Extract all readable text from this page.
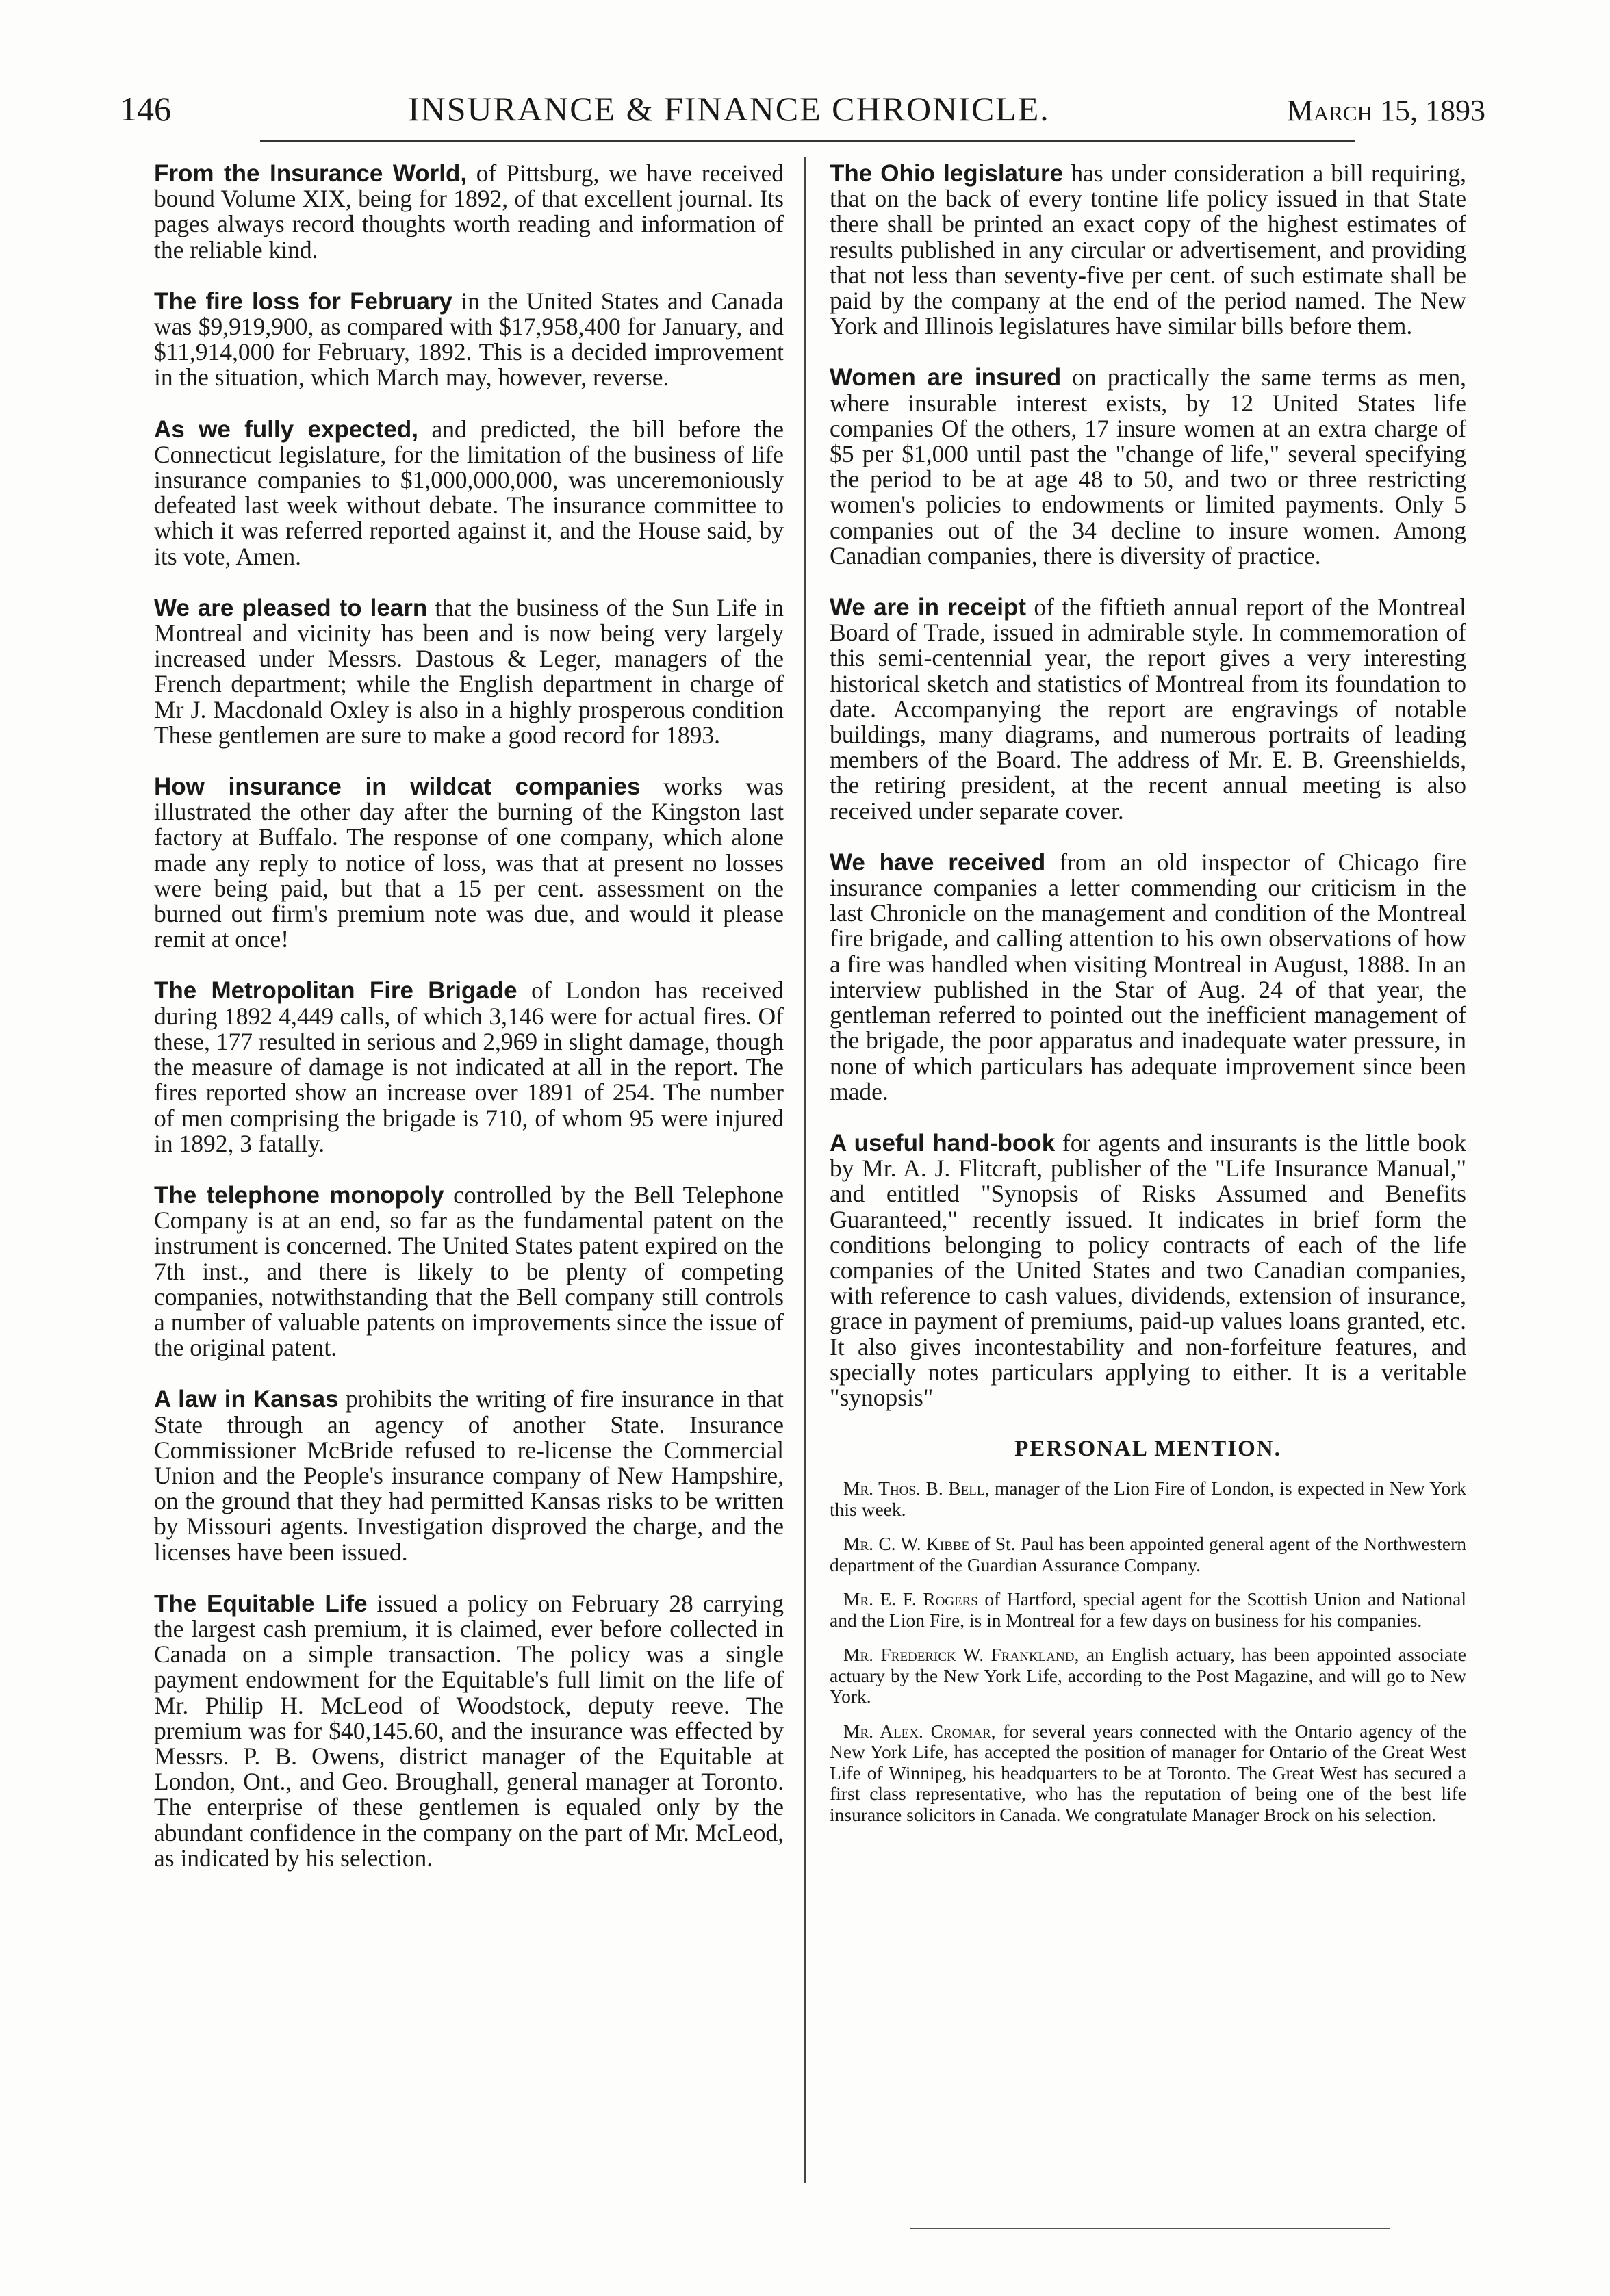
146	INSURANCE & FINANCE CHRONICLE.	March 15, 1893

From the Insurance World, of Pittsburg, we have received bound Volume XIX, being for 1892, of that excellent journal. Its pages always record thoughts worth reading and information of the reliable kind.

The fire loss for February in the United States and Canada was $9,919,900, as compared with $17,958,400 for January, and $11,914,000 for February, 1892. This is a decided improvement in the situation, which March may, however, reverse.

As we fully expected, and predicted, the bill before the Connecticut legislature, for the limitation of the business of life insurance companies to $1,000,000,000, was unceremoniously defeated last week without debate. The insurance committee to which it was referred reported against it, and the House said, by its vote, Amen.

We are pleased to learn that the business of the Sun Life in Montreal and vicinity has been and is now being very largely increased under Messrs. Dastous & Leger, managers of the French department; while the English department in charge of Mr J. Macdonald Oxley is also in a highly prosperous condition These gentlemen are sure to make a good record for 1893.

How insurance in wildcat companies works was illustrated the other day after the burning of the Kingston last factory at Buffalo. The response of one company, which alone made any reply to notice of loss, was that at present no losses were being paid, but that a 15 per cent. assessment on the burned out firm's premium note was due, and would it please remit at once!

The Metropolitan Fire Brigade of London has received during 1892 4,449 calls, of which 3,146 were for actual fires. Of these, 177 resulted in serious and 2,969 in slight damage, though the measure of damage is not indicated at all in the report. The fires reported show an increase over 1891 of 254. The number of men comprising the brigade is 710, of whom 95 were injured in 1892, 3 fatally.

The telephone monopoly controlled by the Bell Telephone Company is at an end, so far as the fundamental patent on the instrument is concerned. The United States patent expired on the 7th inst., and there is likely to be plenty of competing companies, notwithstanding that the Bell company still controls a number of valuable patents on improvements since the issue of the original patent.

A law in Kansas prohibits the writing of fire insurance in that State through an agency of another State. Insurance Commissioner McBride refused to re-license the Commercial Union and the People's insurance company of New Hampshire, on the ground that they had permitted Kansas risks to be written by Missouri agents. Investigation disproved the charge, and the licenses have been issued.

The Equitable Life issued a policy on February 28 carrying the largest cash premium, it is claimed, ever before collected in Canada on a simple transaction. The policy was a single payment endowment for the Equitable's full limit on the life of Mr. Philip H. McLeod of Woodstock, deputy reeve. The premium was for $40,145.60, and the insurance was effected by Messrs. P. B. Owens, district manager of the Equitable at London, Ont., and Geo. Broughall, general manager at Toronto. The enterprise of these gentlemen is equaled only by the abundant confidence in the company on the part of Mr. McLeod, as indicated by his selection.

The Ohio legislature has under consideration a bill requiring, that on the back of every tontine life policy issued in that State there shall be printed an exact copy of the highest estimates of results published in any circular or advertisement, and providing that not less than seventy-five per cent. of such estimate shall be paid by the company at the end of the period named. The New York and Illinois legislatures have similar bills before them.

Women are insured on practically the same terms as men, where insurable interest exists, by 12 United States life companies Of the others, 17 insure women at an extra charge of $5 per $1,000 until past the "change of life," several specifying the period to be at age 48 to 50, and two or three restricting women's policies to endowments or limited payments. Only 5 companies out of the 34 decline to insure women. Among Canadian companies, there is diversity of practice.

We are in receipt of the fiftieth annual report of the Montreal Board of Trade, issued in admirable style. In commemoration of this semi-centennial year, the report gives a very interesting historical sketch and statistics of Montreal from its foundation to date. Accompanying the report are engravings of notable buildings, many diagrams, and numerous portraits of leading members of the Board. The address of Mr. E. B. Greenshields, the retiring president, at the recent annual meeting is also received under separate cover.

We have received from an old inspector of Chicago fire insurance companies a letter commending our criticism in the last Chronicle on the management and condition of the Montreal fire brigade, and calling attention to his own observations of how a fire was handled when visiting Montreal in August, 1888. In an interview published in the Star of Aug. 24 of that year, the gentleman referred to pointed out the inefficient management of the brigade, the poor apparatus and inadequate water pressure, in none of which particulars has adequate improvement since been made.

A useful hand-book for agents and insurants is the little book by Mr. A. J. Flitcraft, publisher of the "Life Insurance Manual," and entitled "Synopsis of Risks Assumed and Benefits Guaranteed," recently issued. It indicates in brief form the conditions belonging to policy contracts of each of the life companies of the United States and two Canadian companies, with reference to cash values, dividends, extension of insurance, grace in payment of premiums, paid-up values loans granted, etc. It also gives incontestability and non-forfeiture features, and specially notes particulars applying to either. It is a veritable "synopsis"

PERSONAL MENTION.

Mr. Thos. B. Bell, manager of the Lion Fire of London, is expected in New York this week.

Mr. C. W. Kibbe of St. Paul has been appointed general agent of the Northwestern department of the Guardian Assurance Company.

Mr. E. F. Rogers of Hartford, special agent for the Scottish Union and National and the Lion Fire, is in Montreal for a few days on business for his companies.

Mr. Frederick W. Frankland, an English actuary, has been appointed associate actuary by the New York Life, according to the Post Magazine, and will go to New York.

Mr. Alex. Cromar, for several years connected with the Ontario agency of the New York Life, has accepted the position of manager for Ontario of the Great West Life of Winnipeg, his headquarters to be at Toronto. The Great West has secured a first class representative, who has the reputation of being one of the best life insurance solicitors in Canada. We congratulate Manager Brock on his selection.
